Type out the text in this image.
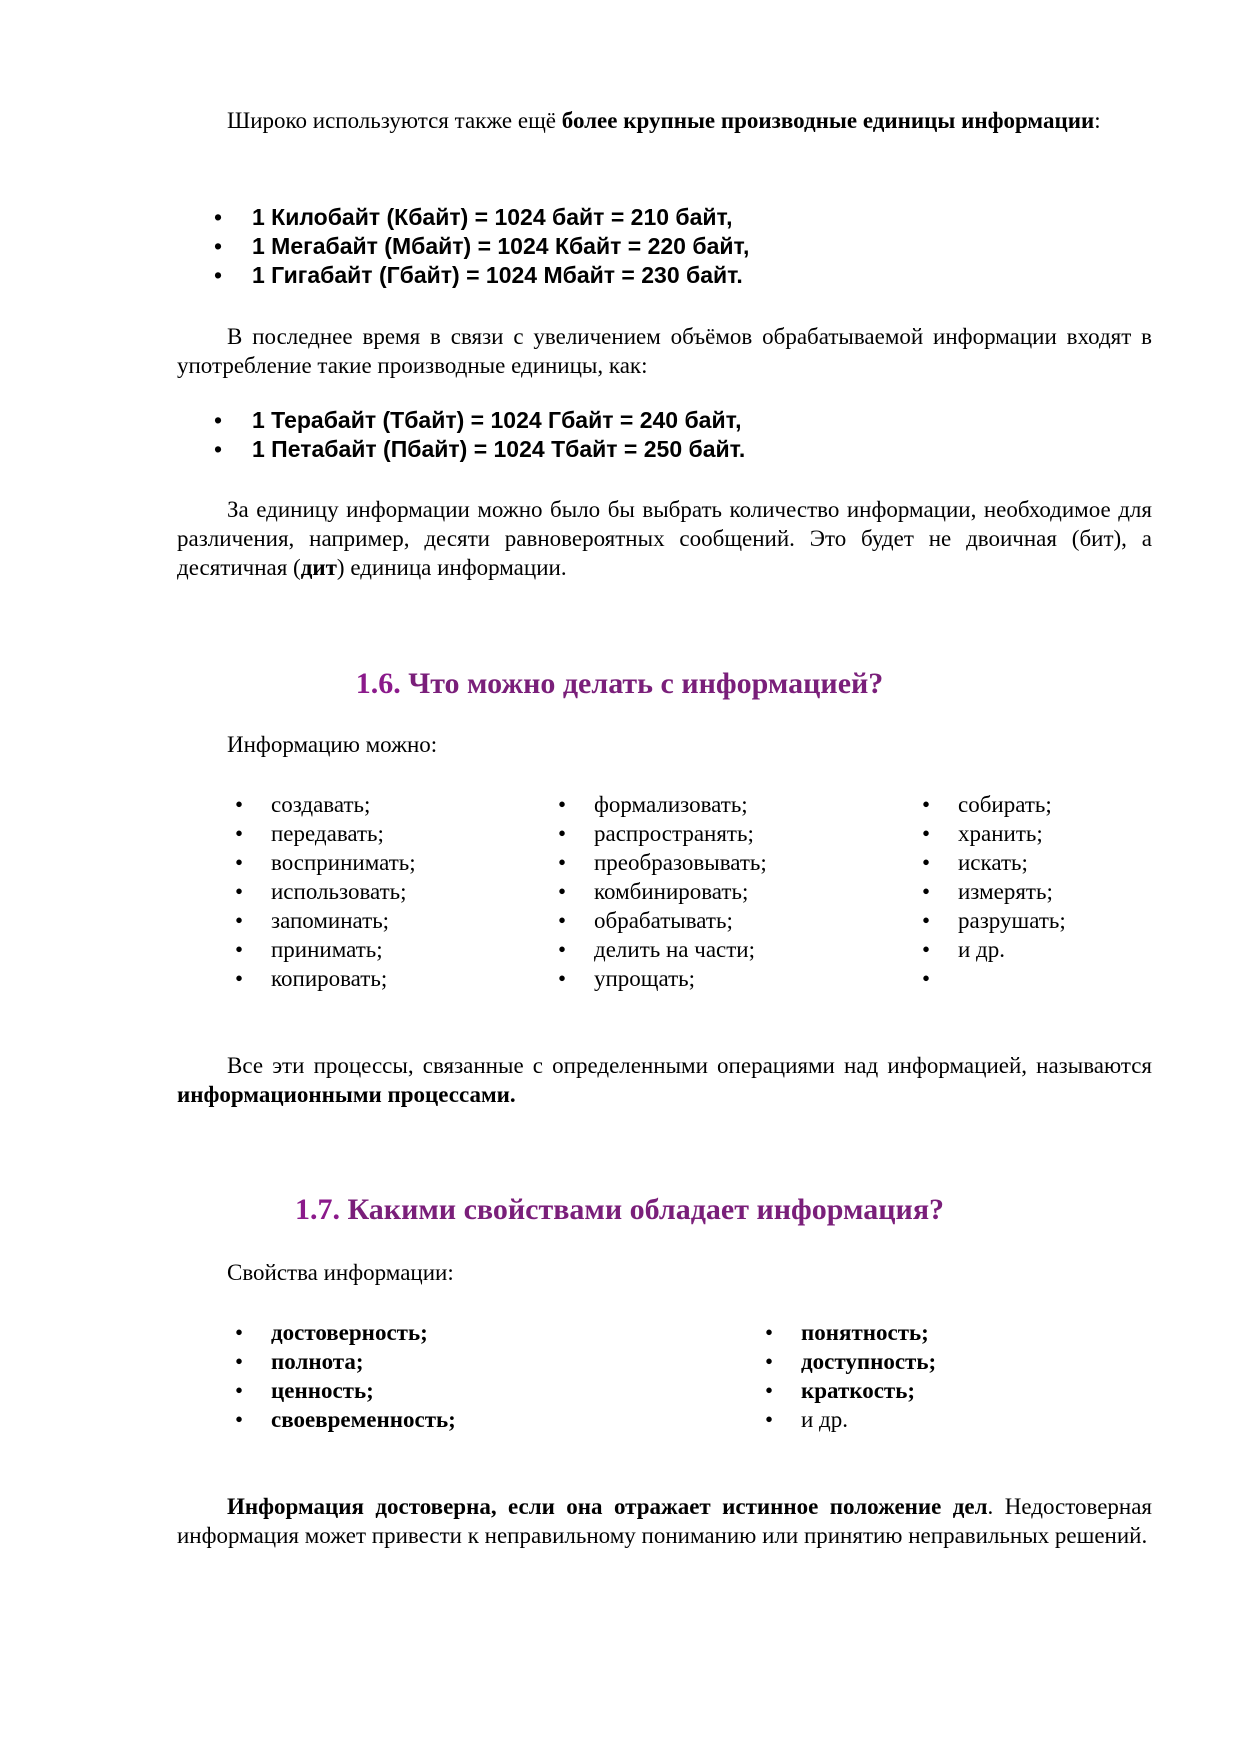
Широко используются также ещё более крупные производные единицы информации:

• 1 Килобайт (Кбайт) = 1024 байт = 210 байт,
• 1 Мегабайт (Мбайт) = 1024 Кбайт = 220 байт,
• 1 Гигабайт (Гбайт) = 1024 Мбайт = 230 байт.

В последнее время в связи с увеличением объёмов обрабатываемой информации входят в употребление такие производные единицы, как:

• 1 Терабайт (Тбайт) = 1024 Гбайт = 240 байт,
• 1 Петабайт (Пбайт) = 1024 Тбайт = 250 байт.

За единицу информации можно было бы выбрать количество информации, необходимое для различения, например, десяти равновероятных сообщений. Это будет не двоичная (бит), а десятичная (дит) единица информации.

1.6. Что можно делать с информацией?

Информацию можно:

• создавать;
• передавать;
• воспринимать;
• использовать;
• запоминать;
• принимать;
• копировать;
• формализовать;
• распространять;
• преобразовывать;
• комбинировать;
• обрабатывать;
• делить на части;
• упрощать;
• собирать;
• хранить;
• искать;
• измерять;
• разрушать;
• и др.
•

Все эти процессы, связанные с определенными операциями над информацией, называются информационными процессами.

1.7. Какими свойствами обладает информация?

Свойства информации:

• достоверность;
• полнота;
• ценность;
• своевременность;
• понятность;
• доступность;
• краткость;
• и др.

Информация достоверна, если она отражает истинное положение дел. Недостоверная информация может привести к неправильному пониманию или принятию неправильных решений.
